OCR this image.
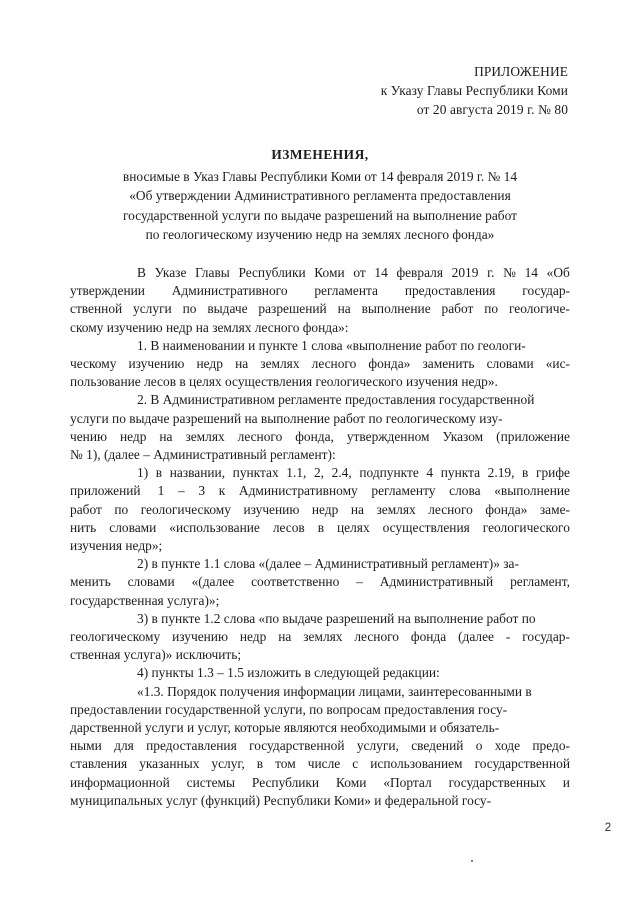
ПРИЛОЖЕНИЕ
к Указу Главы Республики Коми
от 20 августа 2019 г. № 80
ИЗМЕНЕНИЯ,
вносимые в Указ Главы Республики Коми от 14 февраля 2019 г. № 14
«Об утверждении Административного регламента предоставления
государственной услуги по выдаче разрешений на выполнение работ
по геологическому изучению недр на землях лесного фонда»

В Указе Главы Республики Коми от 14 февраля 2019 г. № 14 «Об
утверждении Административного регламента предоставления государ-
ственной услуги по выдаче разрешений на выполнение работ по геологиче-
скому изучению недр на землях лесного фонда»:

1. В наименовании и пункте 1 слова «выполнение работ по геологи-
ческому изучению недр на землях лесного фонда» заменить словами «ис-
пользование лесов в целях осуществления геологического изучения недр».

2. В Административном регламенте предоставления государственной
услуги по выдаче разрешений на выполнение работ по геологическому изу-
чению недр на землях лесного фонда, утвержденном Указом (приложение
№ 1), (далее – Административный регламент):

1) в названии, пунктах 1.1, 2, 2.4, подпункте 4 пункта 2.19, в грифе
приложений 1 – 3 к Административному регламенту слова «выполнение
работ по геологическому изучению недр на землях лесного фонда» заме-
нить словами «использование лесов в целях осуществления геологического
изучения недр»;

2) в пункте 1.1 слова «(далее – Административный регламент)» за-
менить словами «(далее соответственно – Административный регламент,
государственная услуга)»;

3) в пункте 1.2 слова «по выдаче разрешений на выполнение работ по
геологическому изучению недр на землях лесного фонда (далее - государ-
ственная услуга)» исключить;

4) пункты 1.3 – 1.5 изложить в следующей редакции:

«1.3. Порядок получения информации лицами, заинтересованными в
предоставлении государственной услуги, по вопросам предоставления госу-
дарственной услуги и услуг, которые являются необходимыми и обязатель-
ными для предоставления государственной услуги, сведений о ходе предо-
ставления указанных услуг, в том числе с использованием государственной
информационной системы Республики Коми «Портал государственных и
муниципальных услуг (функций) Республики Коми» и федеральной госу-

2
